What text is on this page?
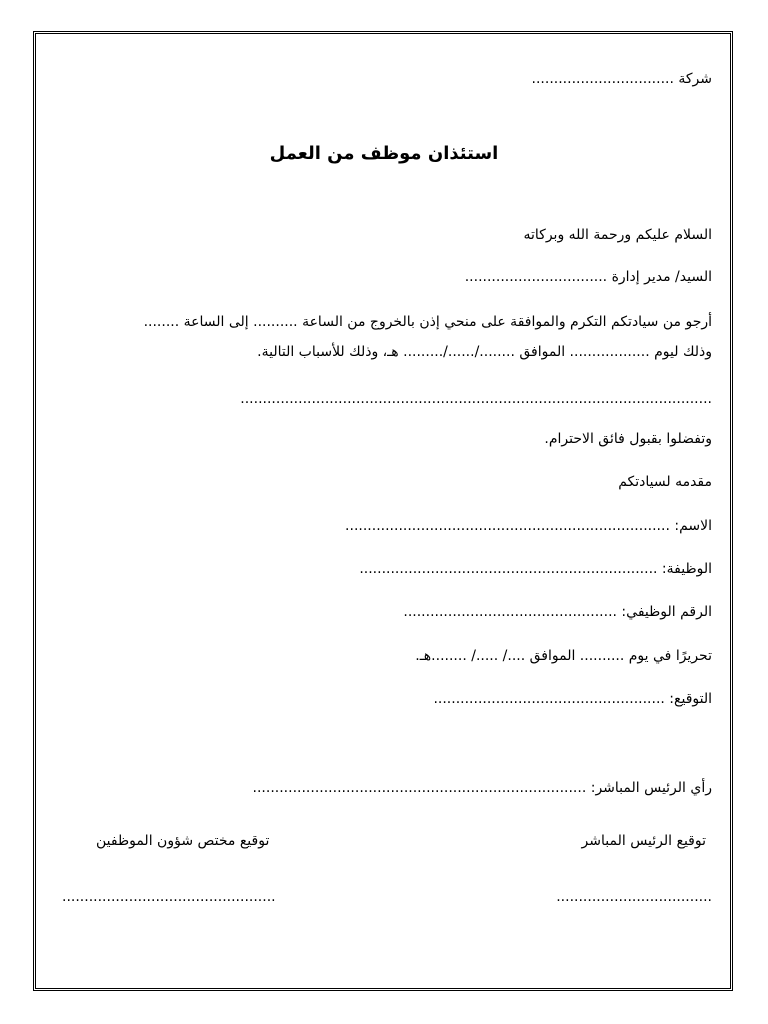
شركة ................................
استئذان موظف من العمل
السلام عليكم ورحمة الله وبركاته
السيد/ مدير إدارة ................................
أرجو من سيادتكم التكرم والموافقة على منحي إذن بالخروج من الساعة .......... إلى الساعة ........
وذلك ليوم .................. الموافق ......../....../......... هـ، وذلك للأسباب التالية.
..........................................................................................................
وتفضلوا بقبول فائق الاحترام.
مقدمه لسيادتكم
الاسم: .........................................................................
الوظيفة: ...................................................................
الرقم الوظيفي: ................................................
تحريرًا في يوم .......... الموافق ..../ ...../ ........هـ.
التوقيع: ....................................................
رأي الرئيس المباشر: ...........................................................................
توقيع الرئيس المباشر
توقيع مختص شؤون الموظفين
...................................
................................................
